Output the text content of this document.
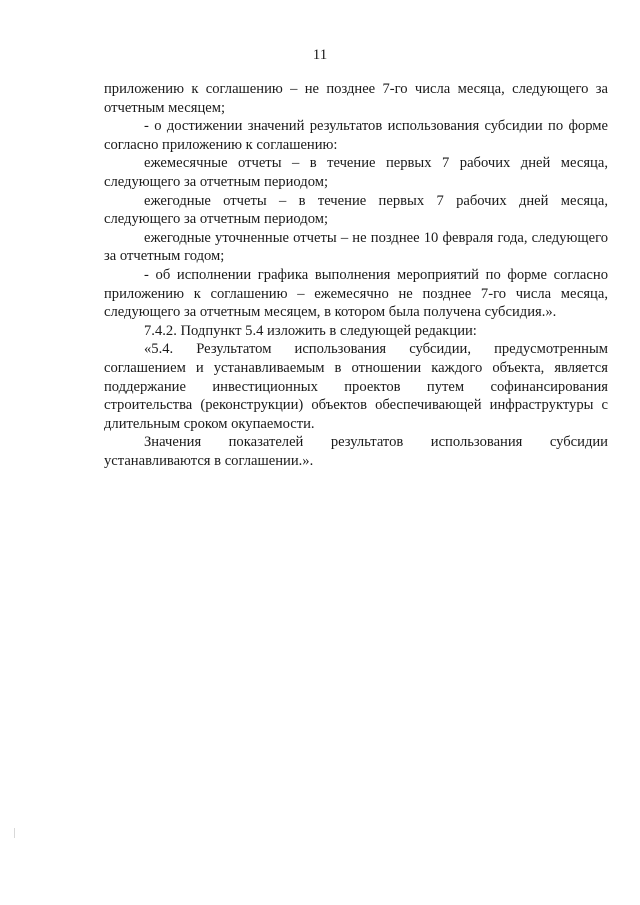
11

приложению к соглашению – не позднее 7-го числа месяца, следующего за отчетным месяцем;

- о достижении значений результатов использования субсидии по форме согласно приложению к соглашению:

ежемесячные отчеты – в течение первых 7 рабочих дней месяца, следующего за отчетным периодом;

ежегодные отчеты – в течение первых 7 рабочих дней месяца, следующего за отчетным периодом;

ежегодные уточненные отчеты – не позднее 10 февраля года, следующего за отчетным годом;

- об исполнении графика выполнения мероприятий по форме согласно приложению к соглашению – ежемесячно не позднее 7-го числа месяца, следующего за отчетным месяцем, в котором была получена субсидия.».

7.4.2. Подпункт 5.4 изложить в следующей редакции:

«5.4. Результатом использования субсидии, предусмотренным соглашением и устанавливаемым в отношении каждого объекта, является поддержание инвестиционных проектов путем софинансирования строительства (реконструкции) объектов обеспечивающей инфраструктуры с длительным сроком окупаемости.

Значения показателей результатов использования субсидии устанавливаются в соглашении.».
